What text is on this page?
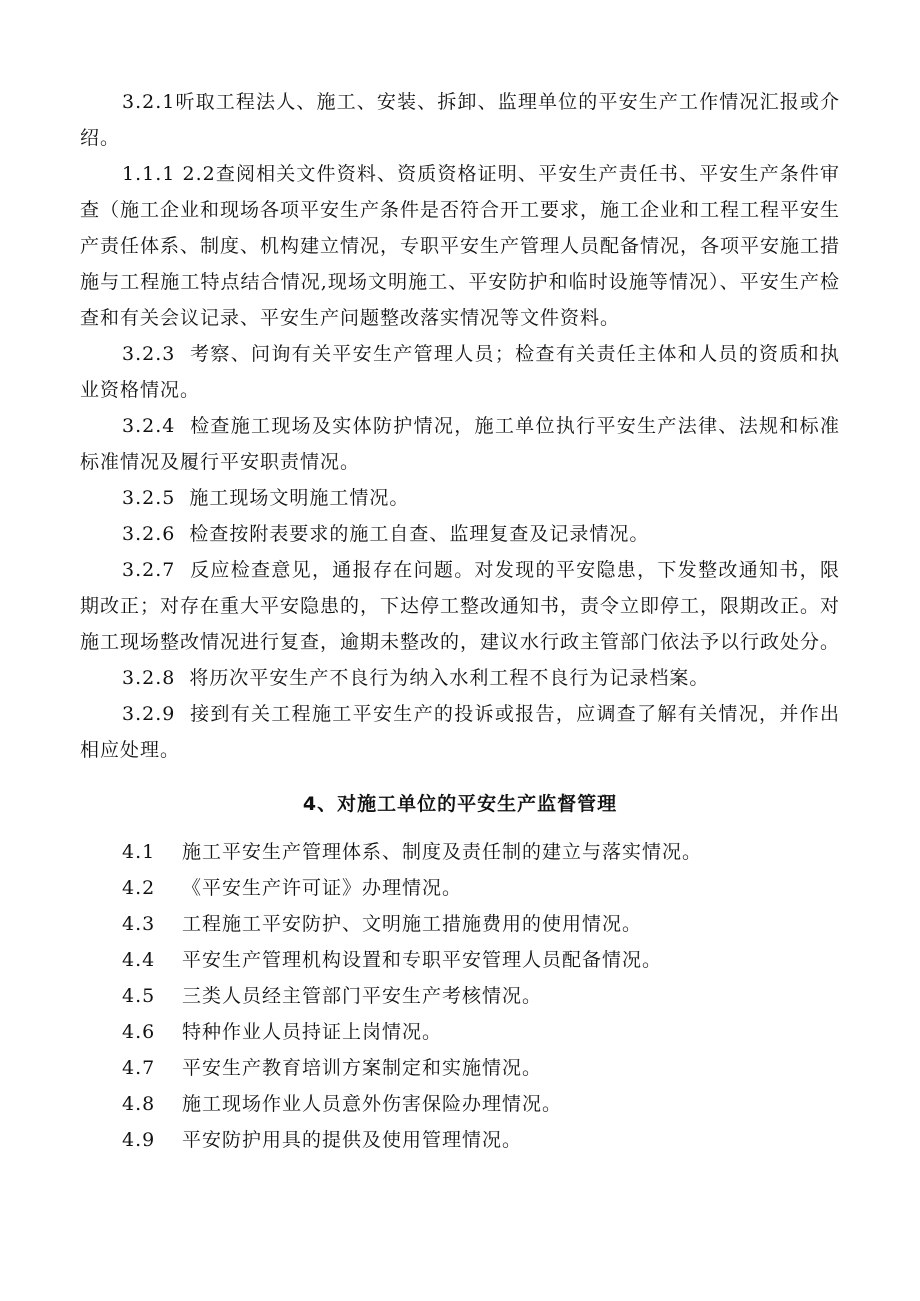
3.2.1听取工程法人、施工、安装、拆卸、监理单位的平安生产工作情况汇报或介绍。

1.1.1 2.2查阅相关文件资料、资质资格证明、平安生产责任书、平安生产条件审查（施工企业和现场各项平安生产条件是否符合开工要求，施工企业和工程工程平安生产责任体系、制度、机构建立情况，专职平安生产管理人员配备情况，各项平安施工措施与工程施工特点结合情况,现场文明施工、平安防护和临时设施等情况）、平安生产检查和有关会议记录、平安生产问题整改落实情况等文件资料。

3.2.3  考察、问询有关平安生产管理人员；检查有关责任主体和人员的资质和执业资格情况。

3.2.4  检查施工现场及实体防护情况，施工单位执行平安生产法律、法规和标准标准情况及履行平安职责情况。

3.2.5  施工现场文明施工情况。

3.2.6  检查按附表要求的施工自查、监理复查及记录情况。

3.2.7  反应检查意见，通报存在问题。对发现的平安隐患，下发整改通知书，限期改正；对存在重大平安隐患的，下达停工整改通知书，责令立即停工，限期改正。对施工现场整改情况进行复查，逾期未整改的，建议水行政主管部门依法予以行政处分。

3.2.8  将历次平安生产不良行为纳入水利工程不良行为记录档案。

3.2.9  接到有关工程施工平安生产的投诉或报告，应调查了解有关情况，并作出相应处理。

4、对施工单位的平安生产监督管理

4.1 施工平安生产管理体系、制度及责任制的建立与落实情况。

4.2 《平安生产许可证》办理情况。

4.3 工程施工平安防护、文明施工措施费用的使用情况。

4.4 平安生产管理机构设置和专职平安管理人员配备情况。

4.5 三类人员经主管部门平安生产考核情况。

4.6 特种作业人员持证上岗情况。

4.7 平安生产教育培训方案制定和实施情况。

4.8 施工现场作业人员意外伤害保险办理情况。

4.9 平安防护用具的提供及使用管理情况。
